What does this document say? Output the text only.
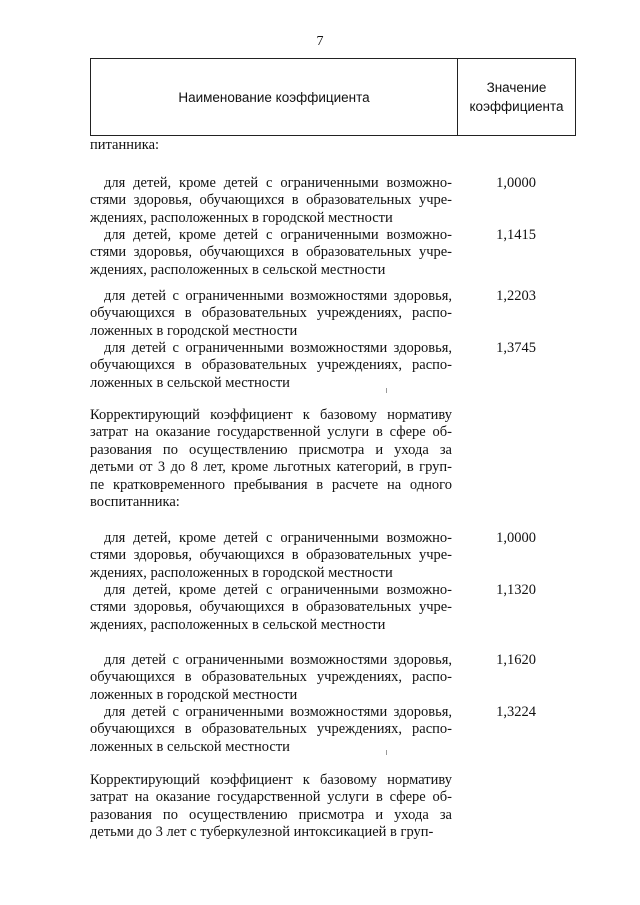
7
Наименование коэффициента
Значение
коэффициента
питанника:
для детей, кроме детей с ограниченными возможно-
стями здоровья, обучающихся в образовательных учре-
ждениях, расположенных в городской местности
1,0000
для детей, кроме детей с ограниченными возможно-
стями здоровья, обучающихся в образовательных учре-
ждениях, расположенных в сельской местности
1,1415
для детей с ограниченными возможностями здоровья,
обучающихся в образовательных учреждениях, распо-
ложенных в городской местности
1,2203
для детей с ограниченными возможностями здоровья,
обучающихся в образовательных учреждениях, распо-
ложенных в сельской местности
1,3745
Корректирующий коэффициент к базовому нормативу
затрат на оказание государственной услуги в сфере об-
разования по осуществлению присмотра и ухода за
детьми от 3 до 8 лет, кроме льготных категорий, в груп-
пе кратковременного пребывания в расчете на одного
воспитанника:
для детей, кроме детей с ограниченными возможно-
стями здоровья, обучающихся в образовательных учре-
ждениях, расположенных в городской местности
1,0000
для детей, кроме детей с ограниченными возможно-
стями здоровья, обучающихся в образовательных учре-
ждениях, расположенных в сельской местности
1,1320
для детей с ограниченными возможностями здоровья,
обучающихся в образовательных учреждениях, распо-
ложенных в городской местности
1,1620
для детей с ограниченными возможностями здоровья,
обучающихся в образовательных учреждениях, распо-
ложенных в сельской местности
1,3224
Корректирующий коэффициент к базовому нормативу
затрат на оказание государственной услуги в сфере об-
разования по осуществлению присмотра и ухода за
детьми до 3 лет с туберкулезной интоксикацией в груп-
